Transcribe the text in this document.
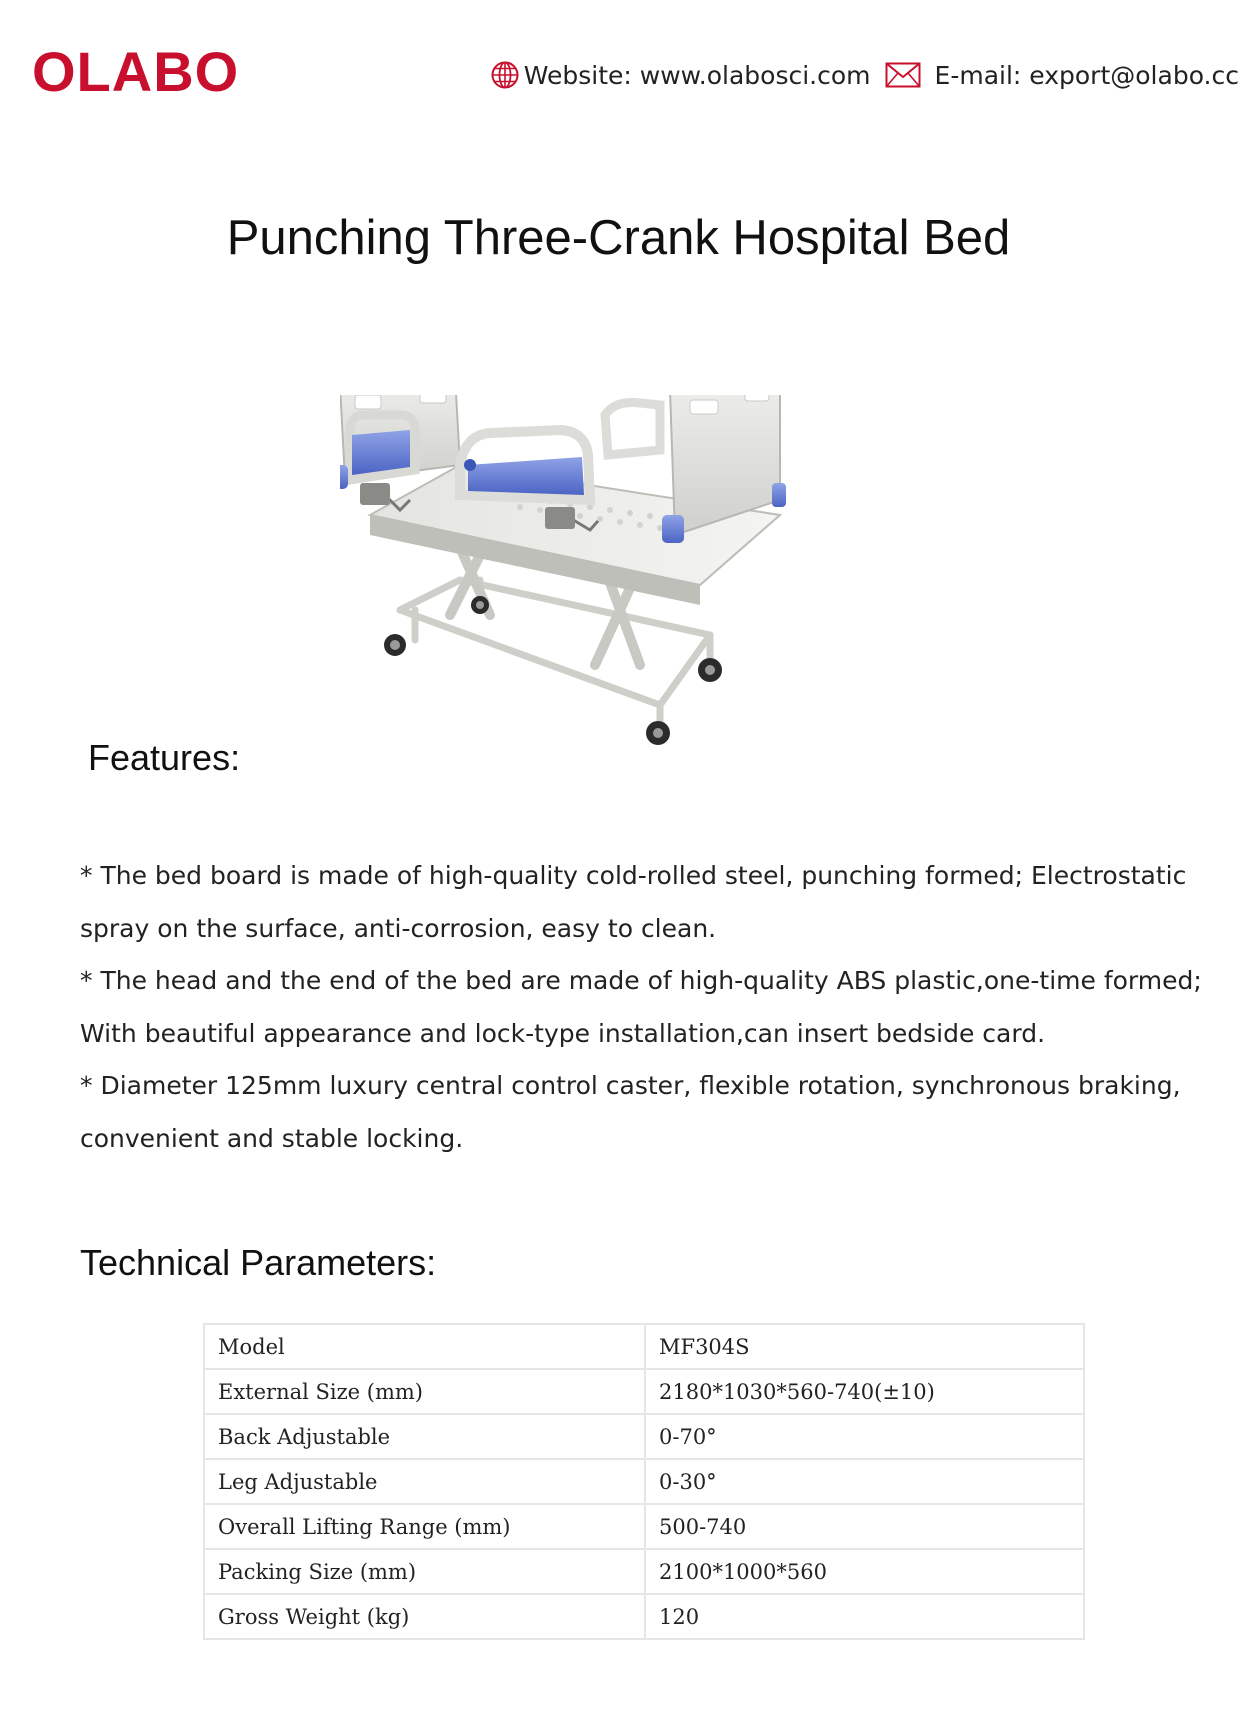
OLABO	Website: www.olabosci.com	E-mail: export@olabo.cc
Punching Three-Crank Hospital Bed
Features:

* The bed board is made of high-quality cold-rolled steel, punching formed; Electrostatic spray on the surface, anti-corrosion, easy to clean.

* The head and the end of the bed are made of high-quality ABS plastic,one-time formed; With beautiful appearance and lock-type installation,can insert bedside card.

* Diameter 125mm luxury central control caster, flexible rotation, synchronous braking, convenient and stable locking.

Technical Parameters:
Model	MF304S
External Size (mm)	2180*1030*560-740(±10)
Back Adjustable	0-70°
Leg Adjustable	0-30°
Overall Lifting Range (mm)	500-740
Packing Size (mm)	2100*1000*560
Gross Weight (kg)	120
